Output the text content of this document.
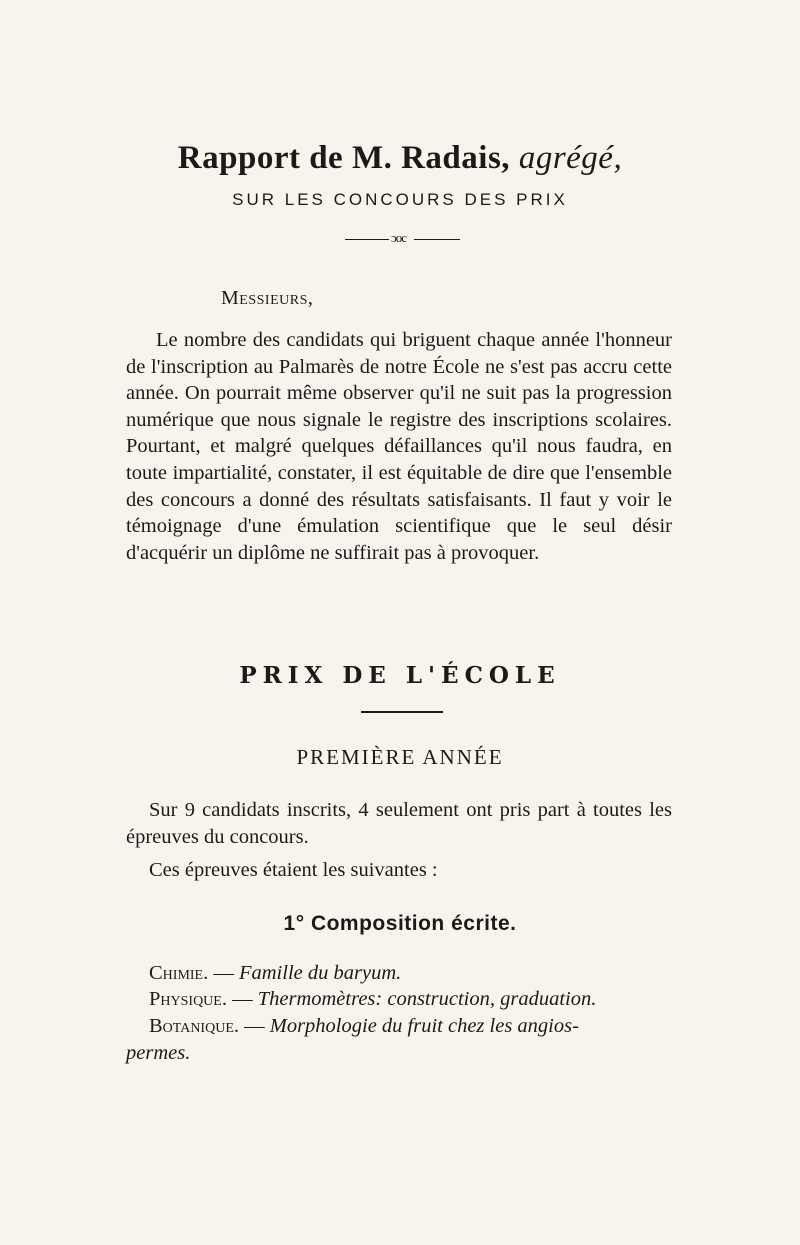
Rapport de M. Radais, agrégé,
SUR LES CONCOURS DES PRIX
ɔoc
Messieurs,

Le nombre des candidats qui briguent chaque année l'honneur de l'inscription au Palmarès de notre École ne s'est pas accru cette année. On pourrait même observer qu'il ne suit pas la progression numérique que nous signale le registre des inscriptions scolaires. Pourtant, et malgré quelques défaillances qu'il nous faudra, en toute impartialité, constater, il est équitable de dire que l'ensemble des concours a donné des résultats satisfaisants. Il faut y voir le témoignage d'une émulation scientifique que le seul désir d'acquérir un diplôme ne suffirait pas à provoquer.

PRIX DE L'ÉCOLE
PREMIÈRE ANNÉE

Sur 9 candidats inscrits, 4 seulement ont pris part à toutes les épreuves du concours.

Ces épreuves étaient les suivantes :

1° Composition écrite.

Chimie. — Famille du baryum.

Physique. — Thermomètres: construction, graduation.

Botanique. — Morphologie du fruit chez les angios-

permes.
